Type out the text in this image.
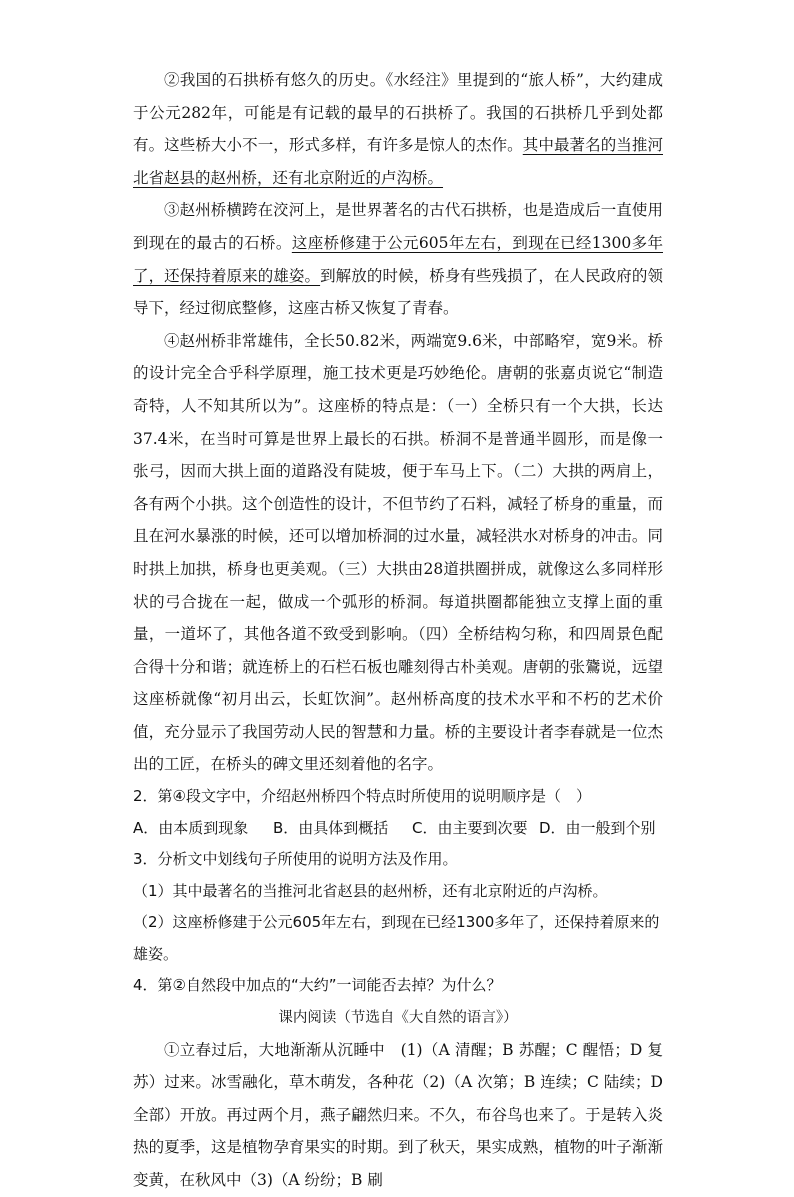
②我国的石拱桥有悠久的历史。《水经注》里提到的“旅人桥”，大约建成于公元282年，可能是有记载的最早的石拱桥了。我国的石拱桥几乎到处都有。这些桥大小不一，形式多样，有许多是惊人的杰作。其中最著名的当推河北省赵县的赵州桥，还有北京附近的卢沟桥。

③赵州桥横跨在洨河上，是世界著名的古代石拱桥，也是造成后一直使用到现在的最古的石桥。这座桥修建于公元605年左右，到现在已经1300多年了，还保持着原来的雄姿。到解放的时候，桥身有些残损了，在人民政府的领导下，经过彻底整修，这座古桥又恢复了青春。

④赵州桥非常雄伟，全长50.82米，两端宽9.6米，中部略窄，宽9米。桥的设计完全合乎科学原理，施工技术更是巧妙绝伦。唐朝的张嘉贞说它“制造奇特，人不知其所以为”。这座桥的特点是：（一）全桥只有一个大拱，长达37.4米，在当时可算是世界上最长的石拱。桥洞不是普通半圆形，而是像一张弓，因而大拱上面的道路没有陡坡，便于车马上下。（二）大拱的两肩上，各有两个小拱。这个创造性的设计，不但节约了石料，减轻了桥身的重量，而且在河水暴涨的时候，还可以增加桥洞的过水量，减轻洪水对桥身的冲击。同时拱上加拱，桥身也更美观。（三）大拱由28道拱圈拼成，就像这么多同样形状的弓合拢在一起，做成一个弧形的桥洞。每道拱圈都能独立支撑上面的重量，一道坏了，其他各道不致受到影响。（四）全桥结构匀称，和四周景色配合得十分和谐；就连桥上的石栏石板也雕刻得古朴美观。唐朝的张鷟说，远望这座桥就像“初月出云，长虹饮涧”。赵州桥高度的技术水平和不朽的艺术价值，充分显示了我国劳动人民的智慧和力量。桥的主要设计者李春就是一位杰出的工匠，在桥头的碑文里还刻着他的名字。

2．第④段文字中，介绍赵州桥四个特点时所使用的说明顺序是（　）

A．由本质到现象	B．由具体到概括	C．由主要到次要 D．由一般到个别

3．分析文中划线句子所使用的说明方法及作用。

（1）其中最著名的当推河北省赵县的赵州桥，还有北京附近的卢沟桥。

（2）这座桥修建于公元605年左右，到现在已经1300多年了，还保持着原来的雄姿。

4．第②自然段中加点的“大约”一词能否去掉？为什么？

课内阅读（节选自《大自然的语言》）

①立春过后，大地渐渐从沉睡中　(1)（A 清醒；B 苏醒；C 醒悟；D 复苏）过来。冰雪融化，草木萌发，各种花（2)（A 次第；B 连续；C 陆续；D 全部）开放。再过两个月，燕子翩然归来。不久，布谷鸟也来了。于是转入炎热的夏季，这是植物孕育果实的时期。到了秋天，果实成熟，植物的叶子渐渐变黄，在秋风中（3)（A 纷纷；B 刷
